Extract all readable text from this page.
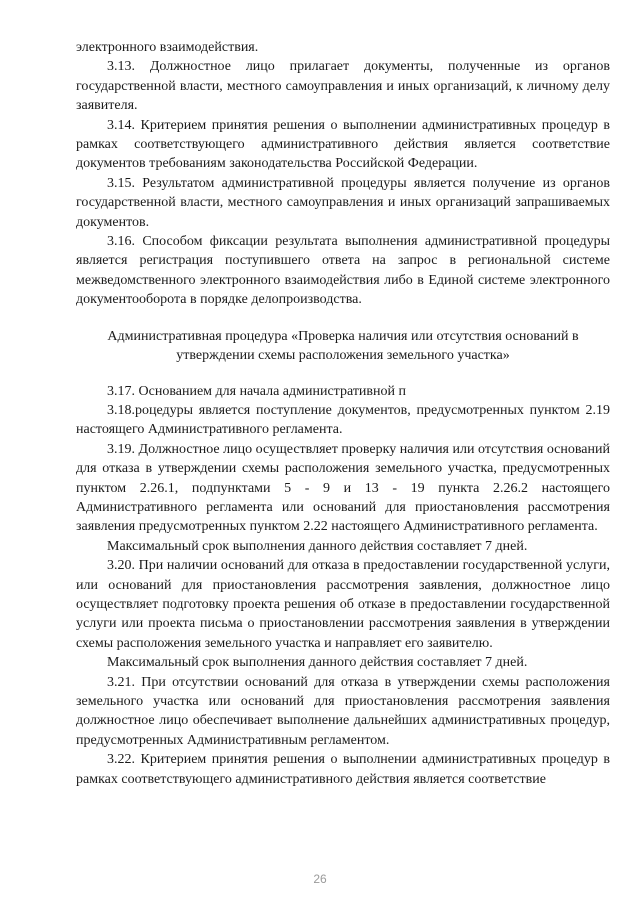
электронного взаимодействия.

3.13. Должностное лицо прилагает документы, полученные из органов государственной власти, местного самоуправления и иных организаций, к личному делу заявителя.

3.14. Критерием принятия решения о выполнении административных процедур в рамках соответствующего административного действия является соответствие документов требованиям законодательства Российской Федерации.

3.15. Результатом административной процедуры является получение из органов государственной власти, местного самоуправления и иных организаций запрашиваемых документов.

3.16. Способом фиксации результата выполнения административной процедуры является регистрация поступившего ответа на запрос в региональной системе межведомственного электронного взаимодействия либо в Единой системе электронного документооборота в порядке делопроизводства.

Административная процедура «Проверка наличия или отсутствия оснований в утверждении схемы расположения земельного участка»

3.17. Основанием для начала административной п

3.18.роцедуры является поступление документов, предусмотренных пунктом 2.19 настоящего Административного регламента.

3.19. Должностное лицо осуществляет проверку наличия или отсутствия оснований для отказа в утверждении схемы расположения земельного участка, предусмотренных пунктом 2.26.1, подпунктами 5 - 9 и 13 - 19 пункта 2.26.2 настоящего Административного регламента или оснований для приостановления рассмотрения заявления предусмотренных пунктом 2.22 настоящего Административного регламента.

Максимальный срок выполнения данного действия составляет 7 дней.

3.20. При наличии оснований для отказа в предоставлении государственной услуги, или оснований для приостановления рассмотрения заявления, должностное лицо осуществляет подготовку проекта решения об отказе в предоставлении государственной услуги или проекта письма о приостановлении рассмотрения заявления в утверждении схемы расположения земельного участка и направляет его заявителю.

Максимальный срок выполнения данного действия составляет 7 дней.

3.21. При отсутствии оснований для отказа в утверждении схемы расположения земельного участка или оснований для приостановления рассмотрения заявления должностное лицо обеспечивает выполнение дальнейших административных процедур, предусмотренных Административным регламентом.

3.22. Критерием принятия решения о выполнении административных процедур в рамках соответствующего административного действия является соответствие

26
